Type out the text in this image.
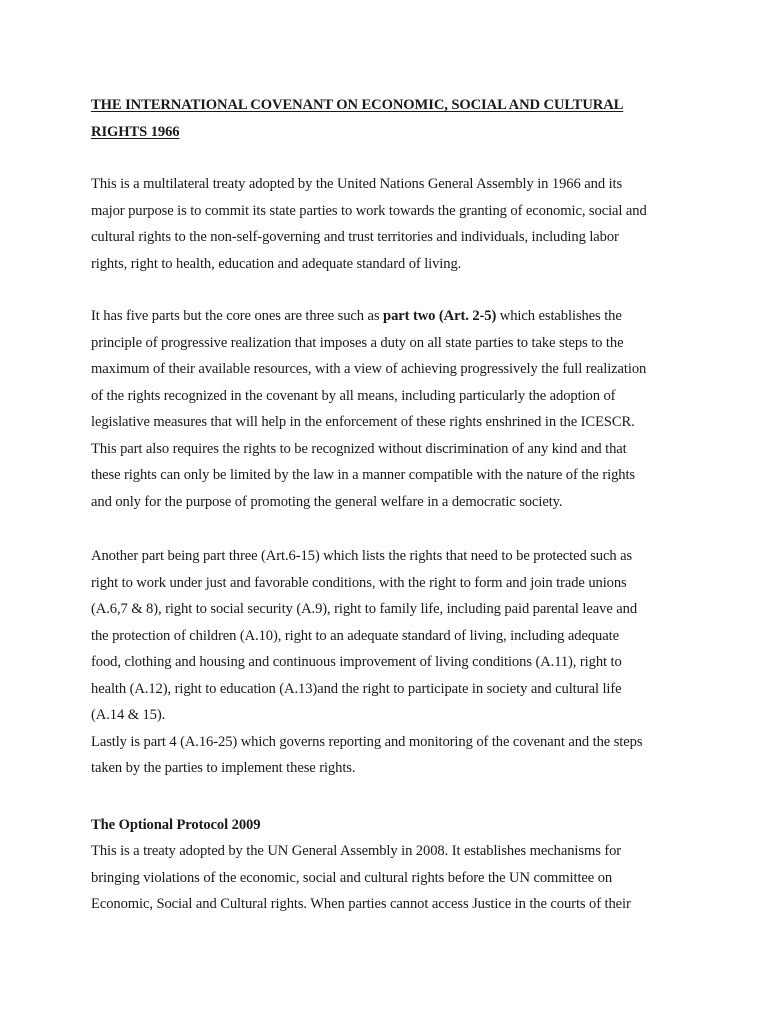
THE INTERNATIONAL COVENANT ON ECONOMIC, SOCIAL AND CULTURAL
RIGHTS 1966
This is a multilateral treaty adopted by the United Nations General Assembly in 1966 and its
major purpose is to commit its state parties to work towards the granting of economic, social and
cultural rights to the non-self-governing and trust territories and individuals, including labor
rights, right to health, education and adequate standard of living.
It has five parts but the core ones are three such as part two (Art. 2-5) which establishes the
principle of progressive realization that imposes a duty on all state parties to take steps to the
maximum of their available resources, with a view of achieving progressively the full realization
of the rights recognized in the covenant by all means, including particularly the adoption of
legislative measures that will help in the enforcement of these rights enshrined in the ICESCR.
This part also requires the rights to be recognized without discrimination of any kind and that
these rights can only be limited by the law in a manner compatible with the nature of the rights
and only for the purpose of promoting the general welfare in a democratic society.
Another part being part three (Art.6-15) which lists the rights that need to be protected such as
right to work under just and favorable conditions, with the right to form and join trade unions
(A.6,7 & 8), right to social security (A.9), right to family life, including paid parental leave and
the protection of children (A.10), right to an adequate standard of living, including adequate
food, clothing and housing and continuous improvement of living conditions (A.11), right to
health (A.12), right to education (A.13)and the right to participate in society and cultural life
(A.14 & 15).
Lastly is part 4 (A.16-25) which governs reporting and monitoring of the covenant and the steps
taken by the parties to implement these rights.
The Optional Protocol 2009
This is a treaty adopted by the UN General Assembly in 2008. It establishes mechanisms for
bringing violations of the economic, social and cultural rights before the UN committee on
Economic, Social and Cultural rights. When parties cannot access Justice in the courts of their
